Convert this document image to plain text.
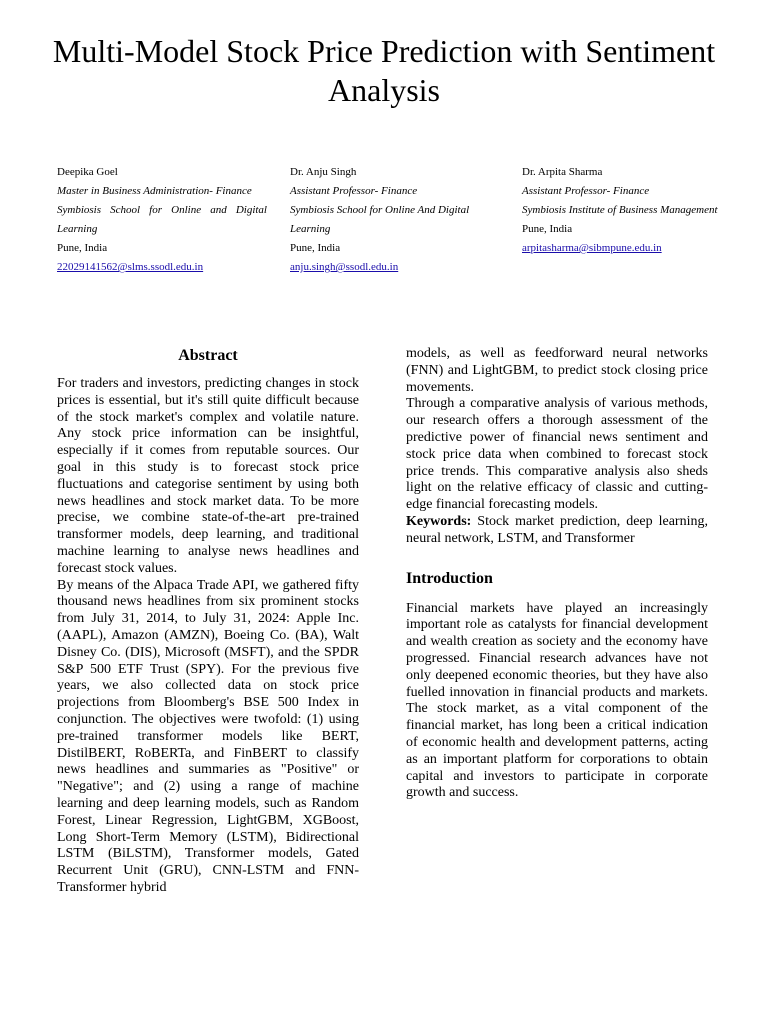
Multi-Model Stock Price Prediction with Sentiment Analysis
Deepika Goel
Master in Business Administration- Finance
Symbiosis School for Online and Digital Learning
Pune, India
22029141562@slms.ssodl.edu.in
Dr. Anju Singh
Assistant Professor- Finance
Symbiosis School for Online And Digital Learning
Pune, India
anju.singh@ssodl.edu.in
Dr. Arpita Sharma
Assistant Professor- Finance
Symbiosis Institute of Business Management
Pune, India
arpitasharma@sibmpune.edu.in
Abstract

For traders and investors, predicting changes in stock prices is essential, but it's still quite difficult because of the stock market's complex and volatile nature. Any stock price information can be insightful, especially if it comes from reputable sources. Our goal in this study is to forecast stock price fluctuations and categorise sentiment by using both news headlines and stock market data. To be more precise, we combine state-of-the-art pre-trained transformer models, deep learning, and traditional machine learning to analyse news headlines and forecast stock values.

By means of the Alpaca Trade API, we gathered fifty thousand news headlines from six prominent stocks from July 31, 2014, to July 31, 2024: Apple Inc. (AAPL), Amazon (AMZN), Boeing Co. (BA), Walt Disney Co. (DIS), Microsoft (MSFT), and the SPDR S&P 500 ETF Trust (SPY). For the previous five years, we also collected data on stock price projections from Bloomberg's BSE 500 Index in conjunction. The objectives were twofold: (1) using pre-trained transformer models like BERT, DistilBERT, RoBERTa, and FinBERT to classify news headlines and summaries as "Positive" or "Negative"; and (2) using a range of machine learning and deep learning models, such as Random Forest, Linear Regression, LightGBM, XGBoost, Long Short-Term Memory (LSTM), Bidirectional LSTM (BiLSTM), Transformer models, Gated Recurrent Unit (GRU), CNN-LSTM and FNN-Transformer hybrid

models, as well as feedforward neural networks (FNN) and LightGBM, to predict stock closing price movements.

Through a comparative analysis of various methods, our research offers a thorough assessment of the predictive power of financial news sentiment and stock price data when combined to forecast stock price trends. This comparative analysis also sheds light on the relative efficacy of classic and cutting-edge financial forecasting models.

Keywords: Stock market prediction, deep learning, neural network, LSTM, and Transformer

Introduction

Financial markets have played an increasingly important role as catalysts for financial development and wealth creation as society and the economy have progressed. Financial research advances have not only deepened economic theories, but they have also fuelled innovation in financial products and markets. The stock market, as a vital component of the financial market, has long been a critical indication of economic health and development patterns, acting as an important platform for corporations to obtain capital and investors to participate in corporate growth and success.
